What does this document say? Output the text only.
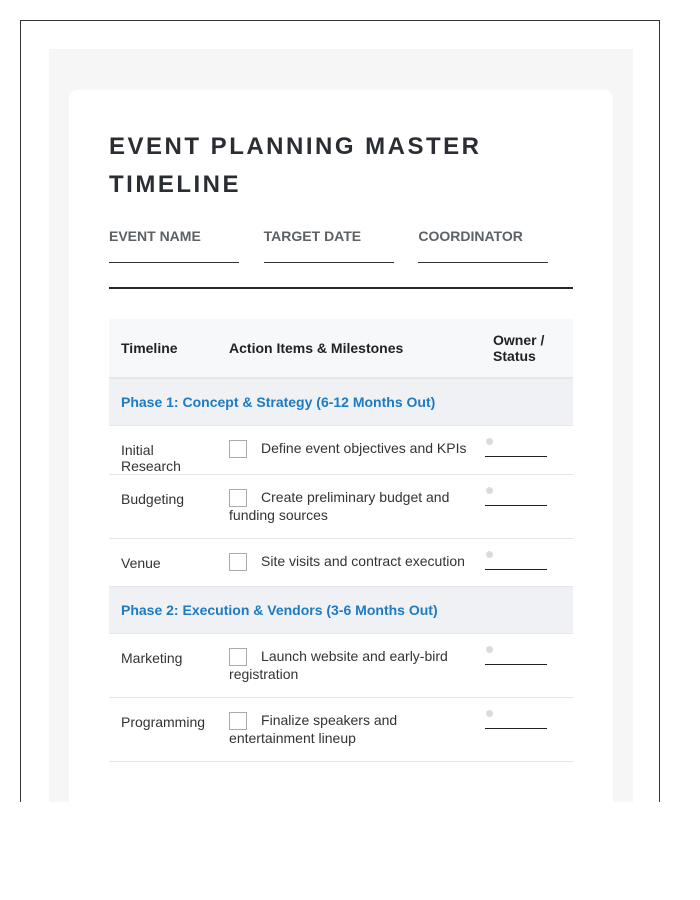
EVENT PLANNING MASTER TIMELINE
EVENT NAME	TARGET DATE	COORDINATOR
Timeline	Action Items & Milestones	Owner / Status
Phase 1: Concept & Strategy (6-12 Months Out)		
Initial Research	Define event objectives and KPIs	

Budgeting	Create preliminary budget and funding sources	

Venue	Site visits and contract execution	

Phase 2: Execution & Vendors (3-6 Months Out)		
Marketing	Launch website and early-bird registration	

Programming	Finalize speakers and entertainment lineup	
